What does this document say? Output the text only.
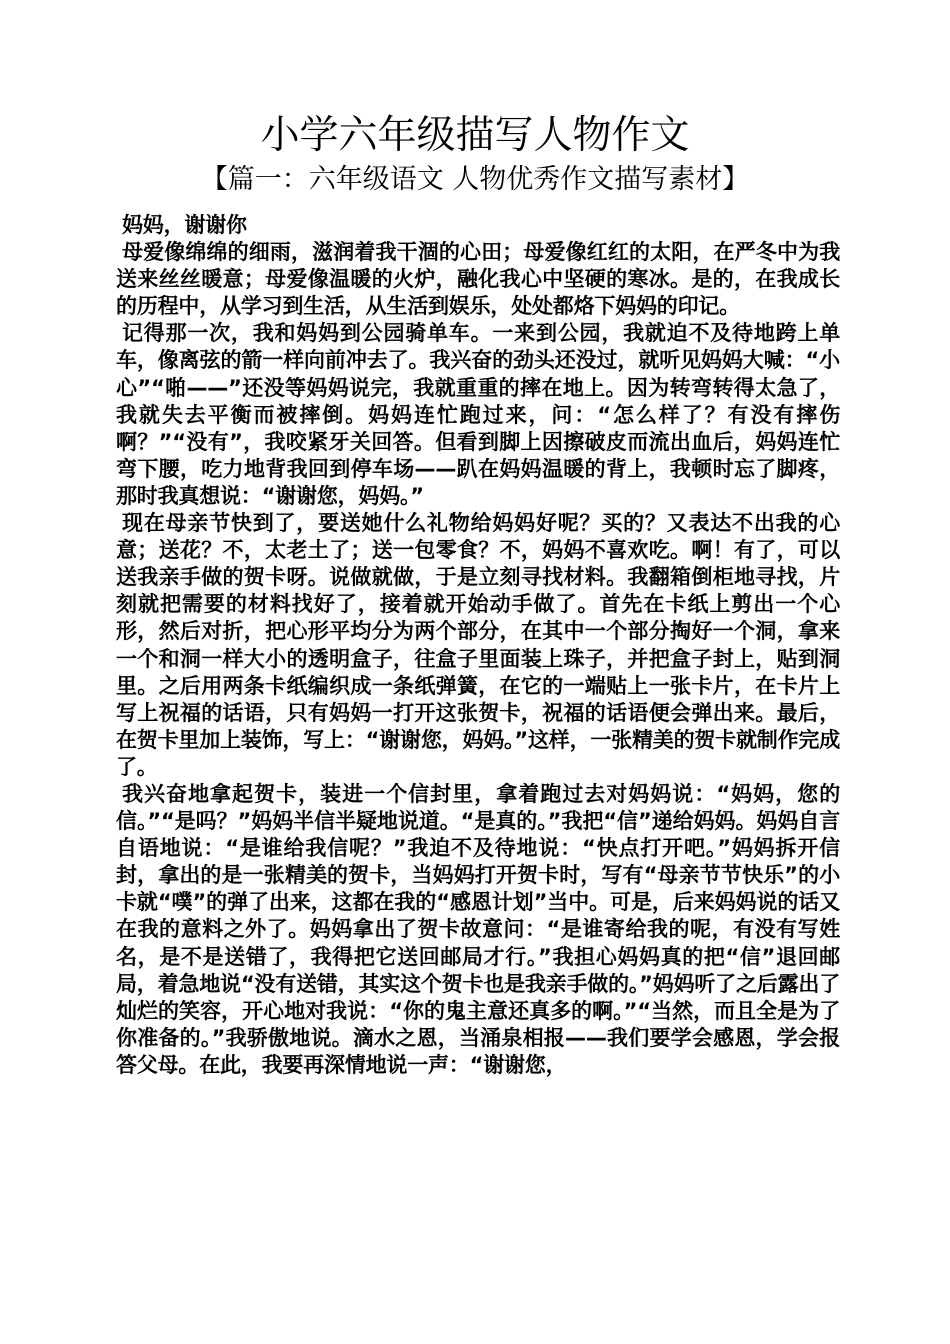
小学六年级描写人物作文
【篇一：六年级语文 人物优秀作文描写素材】

妈妈，谢谢你

母爱像绵绵的细雨，滋润着我干涸的心田；母爱像红红的太阳，在严冬中为我送来丝丝暖意；母爱像温暖的火炉，融化我心中坚硬的寒冰。是的，在我成长的历程中，从学习到生活，从生活到娱乐，处处都烙下妈妈的印记。

记得那一次，我和妈妈到公园骑单车。一来到公园，我就迫不及待地跨上单车，像离弦的箭一样向前冲去了。我兴奋的劲头还没过，就听见妈妈大喊：“小心”“啪——”还没等妈妈说完，我就重重的摔在地上。因为转弯转得太急了，我就失去平衡而被摔倒。妈妈连忙跑过来，问：“怎么样了？有没有摔伤啊？”“没有”，我咬紧牙关回答。但看到脚上因擦破皮而流出血后，妈妈连忙弯下腰，吃力地背我回到停车场——趴在妈妈温暖的背上，我顿时忘了脚疼，那时我真想说：“谢谢您，妈妈。”

现在母亲节快到了，要送她什么礼物给妈妈好呢？买的？又表达不出我的心意；送花？不，太老土了；送一包零食？不，妈妈不喜欢吃。啊！有了，可以送我亲手做的贺卡呀。说做就做，于是立刻寻找材料。我翻箱倒柜地寻找，片刻就把需要的材料找好了，接着就开始动手做了。首先在卡纸上剪出一个心形，然后对折，把心形平均分为两个部分，在其中一个部分掏好一个洞，拿来一个和洞一样大小的透明盒子，往盒子里面装上珠子，并把盒子封上，贴到洞里。之后用两条卡纸编织成一条纸弹簧，在它的一端贴上一张卡片，在卡片上写上祝福的话语，只有妈妈一打开这张贺卡，祝福的话语便会弹出来。最后，在贺卡里加上装饰，写上：“谢谢您，妈妈。”这样，一张精美的贺卡就制作完成了。

我兴奋地拿起贺卡，装进一个信封里，拿着跑过去对妈妈说：“妈妈，您的信。”“是吗？”妈妈半信半疑地说道。“是真的。”我把“信”递给妈妈。妈妈自言自语地说：“是谁给我信呢？”我迫不及待地说：“快点打开吧。”妈妈拆开信封，拿出的是一张精美的贺卡，当妈妈打开贺卡时，写有“母亲节节快乐”的小卡就“噗”的弹了出来，这都在我的“感恩计划”当中。可是，后来妈妈说的话又在我的意料之外了。妈妈拿出了贺卡故意问：“是谁寄给我的呢，有没有写姓名，是不是送错了，我得把它送回邮局才行。”我担心妈妈真的把“信”退回邮局，着急地说“没有送错，其实这个贺卡也是我亲手做的。”妈妈听了之后露出了灿烂的笑容，开心地对我说：“你的鬼主意还真多的啊。”“当然，而且全是为了你准备的。”我骄傲地说。滴水之恩，当涌泉相报——我们要学会感恩，学会报答父母。在此，我要再深情地说一声：“谢谢您，
